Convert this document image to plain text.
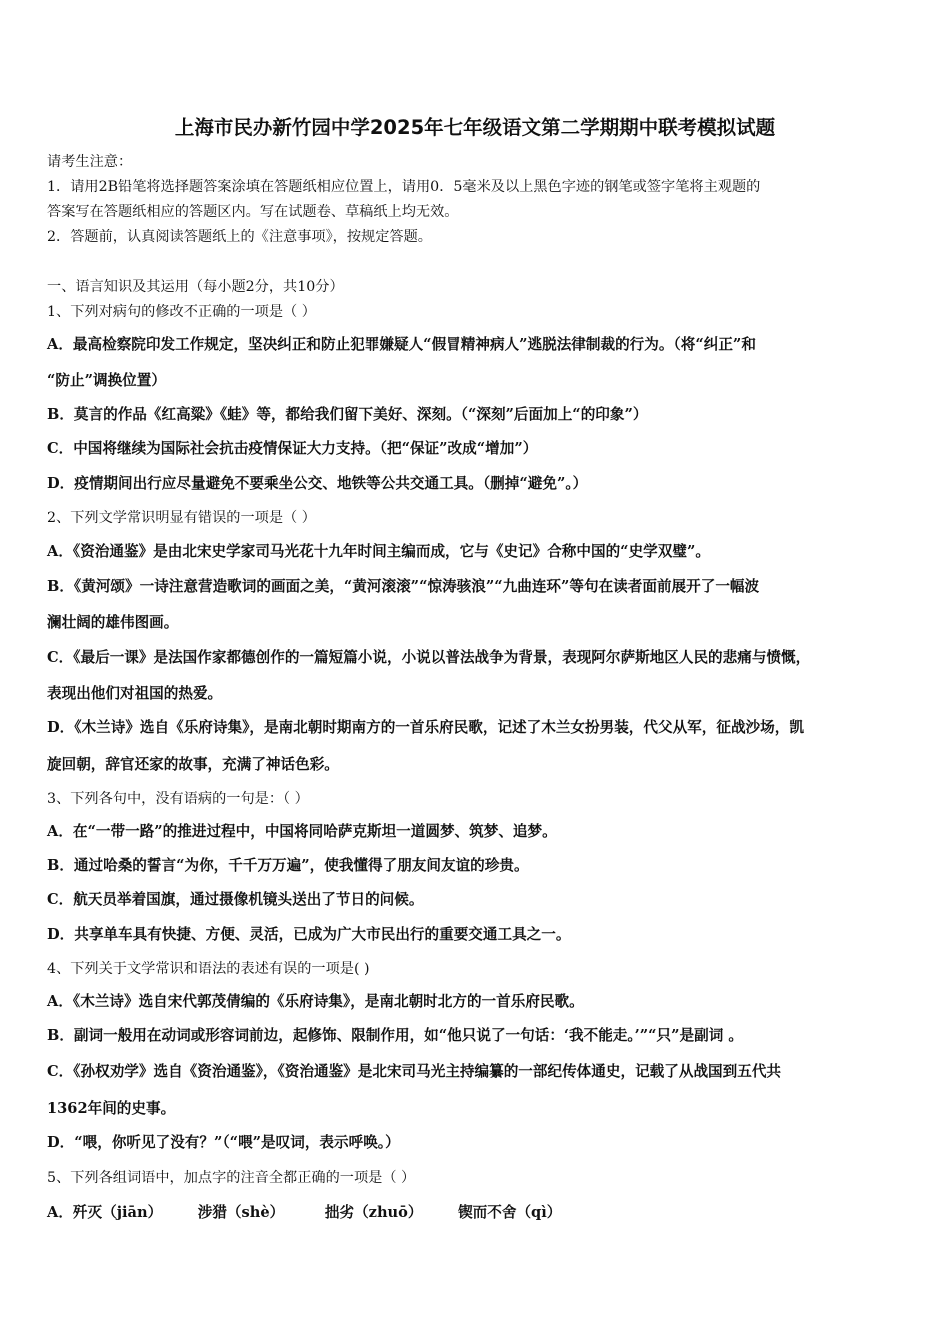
上海市民办新竹园中学2025年七年级语文第二学期期中联考模拟试题
请考生注意：
1．请用2B铅笔将选择题答案涂填在答题纸相应位置上，请用0．5毫米及以上黑色字迹的钢笔或签字笔将主观题的
答案写在答题纸相应的答题区内。写在试题卷、草稿纸上均无效。
2．答题前，认真阅读答题纸上的《注意事项》，按规定答题。
一、语言知识及其运用（每小题2分，共10分）
1、下列对病句的修改不正确的一项是（ ）
A．最高检察院印发工作规定，坚决纠正和防止犯罪嫌疑人“假冒精神病人”逃脱法律制裁的行为。（将“纠正”和
“防止”调换位置）
B．莫言的作品《红高粱》《蛙》等，都给我们留下美好、深刻。（“深刻”后面加上“的印象”）
C．中国将继续为国际社会抗击疫情保证大力支持。（把“保证”改成“增加”）
D．疫情期间出行应尽量避免不要乘坐公交、地铁等公共交通工具。（删掉“避免”。）
2、下列文学常识明显有错误的一项是（ ）
A．《资治通鉴》是由北宋史学家司马光花十九年时间主编而成，它与《史记》合称中国的“史学双璧”。
B．《黄河颂》一诗注意营造歌词的画面之美，“黄河滚滚”“惊涛骇浪”“九曲连环”等句在读者面前展开了一幅波
澜壮阔的雄伟图画。
C．《最后一课》是法国作家都德创作的一篇短篇小说，小说以普法战争为背景，表现阿尔萨斯地区人民的悲痛与愤慨，
表现出他们对祖国的热爱。
D．《木兰诗》选自《乐府诗集》，是南北朝时期南方的一首乐府民歌，记述了木兰女扮男装，代父从军，征战沙场，凯
旋回朝，辞官还家的故事，充满了神话色彩。
3、下列各句中，没有语病的一句是：（ ）
A．在“一带一路”的推进过程中，中国将同哈萨克斯坦一道圆梦、筑梦、追梦。
B．通过哈桑的誓言“为你，千千万万遍”，使我懂得了朋友间友谊的珍贵。
C．航天员举着国旗，通过摄像机镜头送出了节日的问候。
D．共享单车具有快捷、方便、灵活，已成为广大市民出行的重要交通工具之一。
4、下列关于文学常识和语法的表述有误的一项是( )
A．《木兰诗》选自宋代郭茂倩编的《乐府诗集》，是南北朝时北方的一首乐府民歌。
B．副词一般用在动词或形容词前边，起修饰、限制作用，如“他只说了一句话：‘我不能走。’”“只”是副词 。
C．《孙权劝学》选自《资治通鉴》，《资治通鉴》是北宋司马光主持编纂的一部纪传体通史，记载了从战国到五代共
1362年间的史事。
D．“喂，你听见了没有？”（“喂”是叹词，表示呼唤。）
5、下列各组词语中，加点字的注音全都正确的一项是（ ）
A．歼灭（jiān）       涉猎（shè）        拙劣（zhuō）       锲而不舍（qì）
